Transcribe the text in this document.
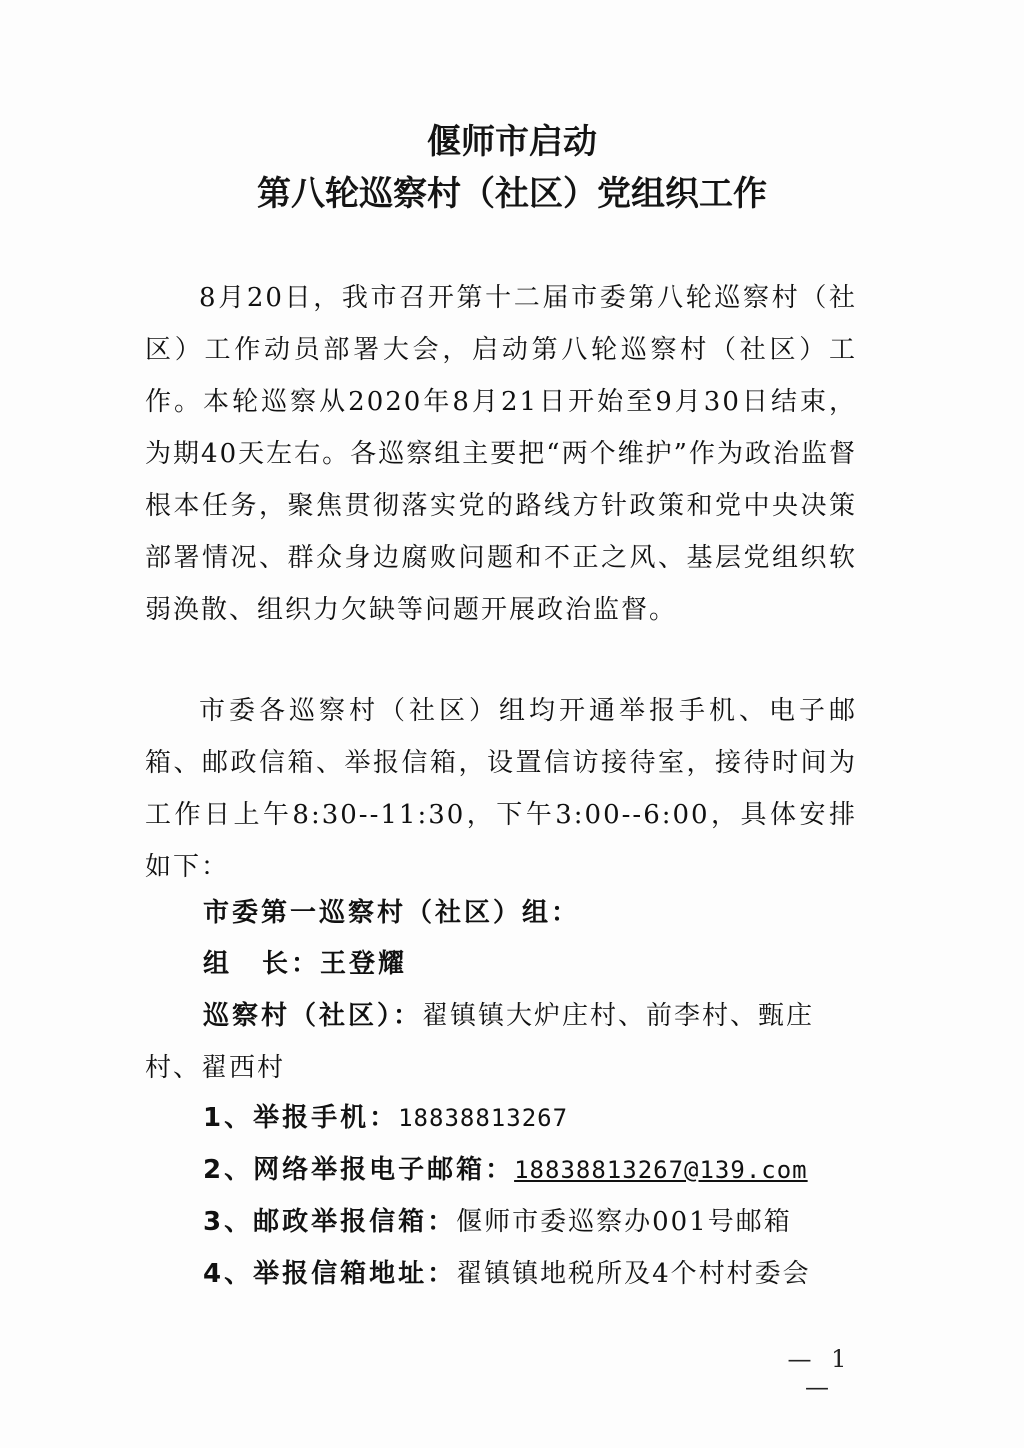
偃师市启动
第八轮巡察村（社区）党组织工作

8月20日，我市召开第十二届市委第八轮巡察村（社区）工作动员部署大会，启动第八轮巡察村（社区）工作。本轮巡察从2020年8月21日开始至9月30日结束，为期40天左右。各巡察组主要把“两个维护”作为政治监督根本任务，聚焦贯彻落实党的路线方针政策和党中央决策部署情况、群众身边腐败问题和不正之风、基层党组织软弱涣散、组织力欠缺等问题开展政治监督。

市委各巡察村（社区）组均开通举报手机、电子邮箱、邮政信箱、举报信箱，设置信访接待室，接待时间为工作日上午8:30--11:30，下午3:00--6:00，具体安排如下：

市委第一巡察村（社区）组：
组 长：王登耀

巡察村（社区）：翟镇镇大炉庄村、前李村、甄庄村、翟西村

1、举报手机：18838813267
2、网络举报电子邮箱：18838813267@139.com
3、邮政举报信箱：偃师市委巡察办001号邮箱
4、举报信箱地址：翟镇镇地税所及4个村村委会
— 1 —
